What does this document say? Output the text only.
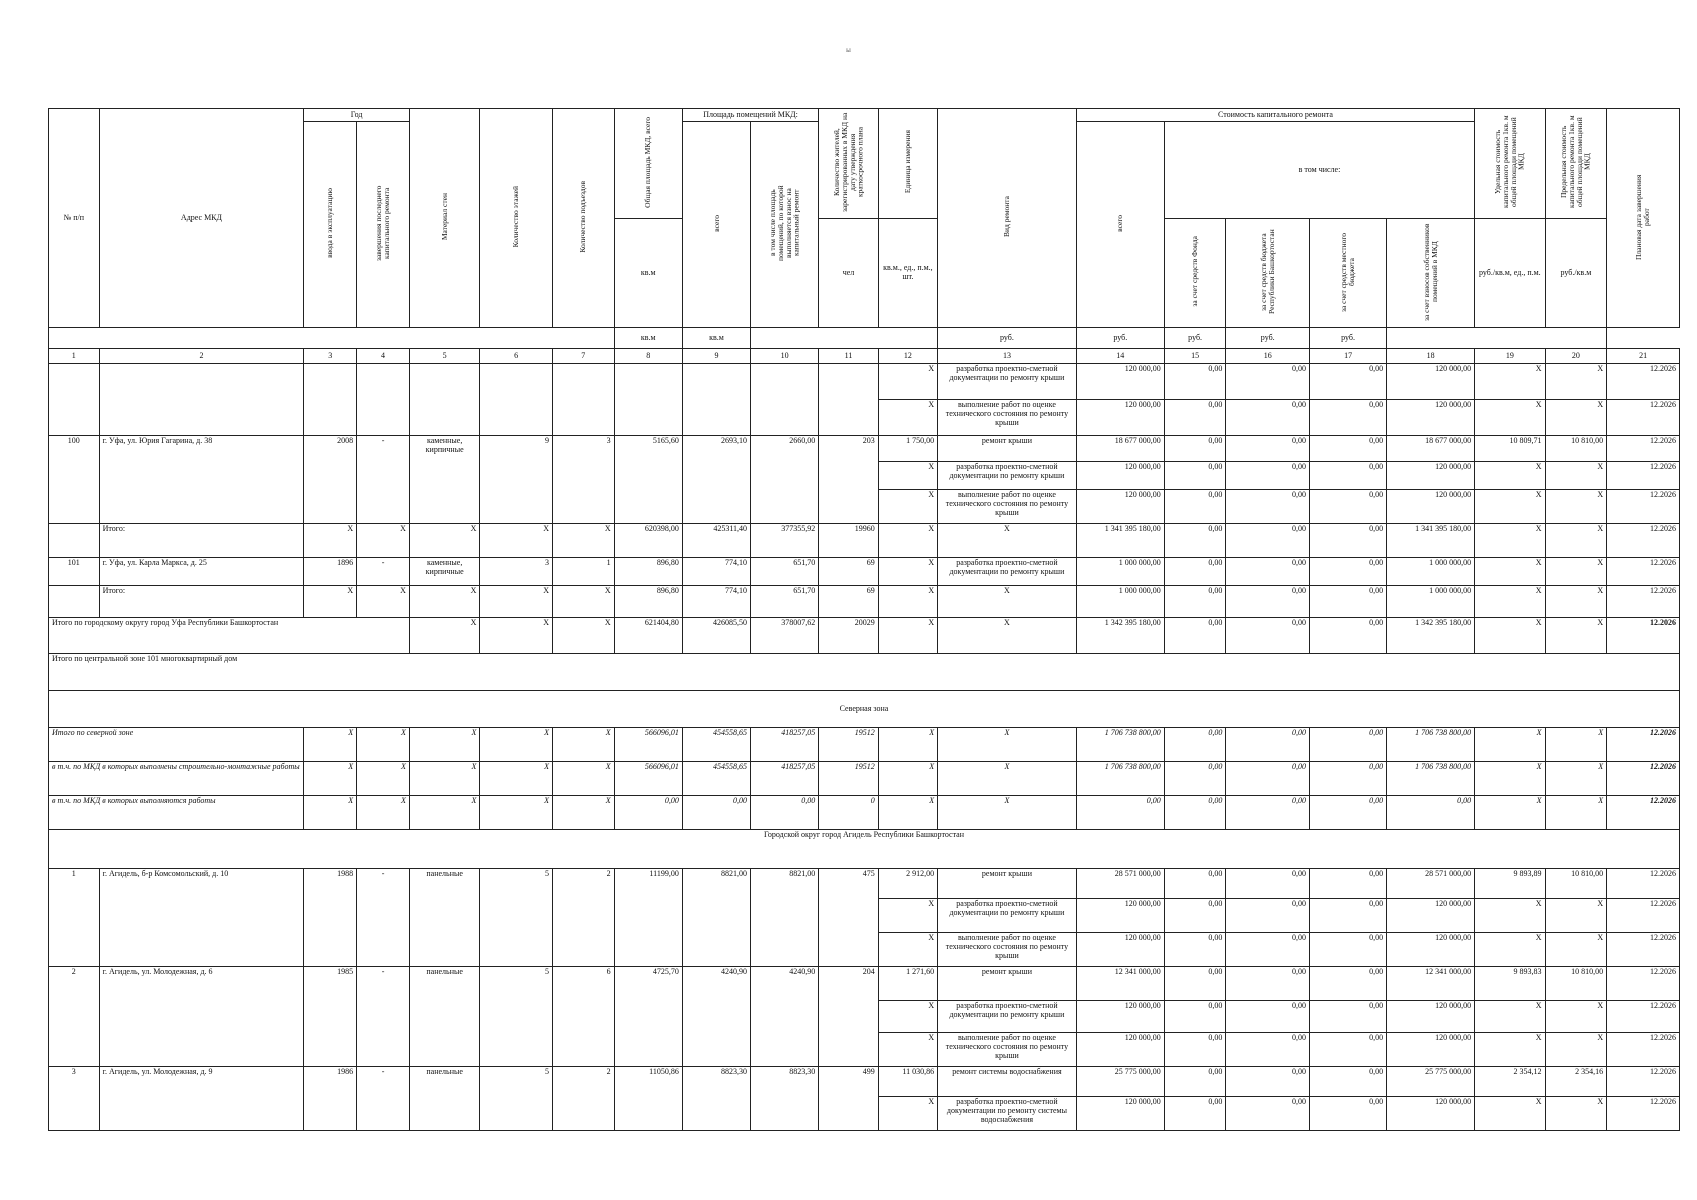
ы
№ п/п	Адрес МКД	Год		Материал стен	Количество этажей	Количество подъездов	Общая площадь МКД, всего	Площадь помещений МКД:		Количество жителей, зарегистрированных в МКД на дату утверждения краткосрочного плана	Единица измерения	Вид ремонта	Стоимость капитального ремонта					Удельная стоимость капитального ремонта 1кв. м общей площади помещений МКД	Предельная стоимость капитального ремонта 1кв. м общей площади помещений МКД	Плановая дата завершения работ
		ввода в эксплуатацию	завершения последнего капитального ремонта					всего	в том числе площадь помещений, по которой выполняется взнос на капитальный ремонт				всего	в том числе:						
							кв.м			чел	кв.м., ед., п.м., шт.			за счет средств Фонда	за счет средств бюджета Республики Башкортостан	за счет средств местного бюджета	за счет взносов собственников помещений в МКД	руб./кв.м, ед., п.м.	руб./кв.м	
							кв.м	кв.м				руб.	руб.	руб.	руб.	руб.				
1	2	3	4	5	6	7	8	9	10	11	12	13	14	15	16	17	18	19	20	21
											X	разработка проектно-сметной документации по ремонту крыши	120 000,00	0,00	0,00	0,00	120 000,00	X	X	12.2026
											X	выполнение работ по оценке технического состояния по ремонту крыши	120 000,00	0,00	0,00	0,00	120 000,00	X	X	12.2026
100	г. Уфа, ул. Юрия Гагарина, д. 38	2008	-	каменные, кирпичные	9	3	5165,60	2693,10	2660,00	203	1 750,00	ремонт крыши	18 677 000,00	0,00	0,00	0,00	18 677 000,00	10 809,71	10 810,00	12.2026
											X	разработка проектно-сметной документации по ремонту крыши	120 000,00	0,00	0,00	0,00	120 000,00	X	X	12.2026
											X	выполнение работ по оценке технического состояния по ремонту крыши	120 000,00	0,00	0,00	0,00	120 000,00	X	X	12.2026
	Итого:	X	X	X	X	X	620398,00	425311,40	377355,92	19960	X	X	1 341 395 180,00	0,00	0,00	0,00	1 341 395 180,00	X	X	12.2026
101	г. Уфа, ул. Карла Маркса, д. 25	1896	-	каменные, кирпичные	3	1	896,80	774,10	651,70	69	X	разработка проектно-сметной документации по ремонту крыши	1 000 000,00	0,00	0,00	0,00	1 000 000,00	X	X	12.2026
	Итого:	X	X	X	X	X	896,80	774,10	651,70	69	X	X	1 000 000,00	0,00	0,00	0,00	1 000 000,00	X	X	12.2026
Итого по городскому округу город Уфа Республики Башкортостан				X	X	X	621404,80	426085,50	378007,62	20029	X	X	1 342 395 180,00	0,00	0,00	0,00	1 342 395 180,00	X	X	12.2026
Итого по центральной зоне 101 многоквартирный дом																				
Северная зона																				
Итого по северной зоне		X	X	X	X	X	566096,01	454558,65	418257,05	19512	X	X	1 706 738 800,00	0,00	0,00	0,00	1 706 738 800,00	X	X	12.2026
в т.ч. по МКД в которых выполнены строительно-монтажные работы		X	X	X	X	X	566096,01	454558,65	418257,05	19512	X	X	1 706 738 800,00	0,00	0,00	0,00	1 706 738 800,00	X	X	12.2026
в т.ч. по МКД в которых выполняются работы		X	X	X	X	X	0,00	0,00	0,00	0	X	X	0,00	0,00	0,00	0,00	0,00	X	X	12.2026
Городской округ город Агидель Республики Башкортостан																				
1	г. Агидель, б-р Комсомольский, д. 10	1988	-	панельные	5	2	11199,00	8821,00	8821,00	475	2 912,00	ремонт крыши	28 571 000,00	0,00	0,00	0,00	28 571 000,00	9 893,89	10 810,00	12.2026
											X	разработка проектно-сметной документации по ремонту крыши	120 000,00	0,00	0,00	0,00	120 000,00	X	X	12.2026
											X	выполнение работ по оценке технического состояния по ремонту крыши	120 000,00	0,00	0,00	0,00	120 000,00	X	X	12.2026
2	г. Агидель, ул. Молодежная, д. 6	1985	-	панельные	5	6	4725,70	4240,90	4240,90	204	1 271,60	ремонт крыши	12 341 000,00	0,00	0,00	0,00	12 341 000,00	9 893,83	10 810,00	12.2026
											X	разработка проектно-сметной документации по ремонту крыши	120 000,00	0,00	0,00	0,00	120 000,00	X	X	12.2026
											X	выполнение работ по оценке технического состояния по ремонту крыши	120 000,00	0,00	0,00	0,00	120 000,00	X	X	12.2026
3	г. Агидель, ул. Молодежная, д. 9	1986	-	панельные	5	2	11050,86	8823,30	8823,30	499	11 030,86	ремонт системы водоснабжения	25 775 000,00	0,00	0,00	0,00	25 775 000,00	2 354,12	2 354,16	12.2026
											X	разработка проектно-сметной документации по ремонту системы водоснабжения	120 000,00	0,00	0,00	0,00	120 000,00	X	X	12.2026
